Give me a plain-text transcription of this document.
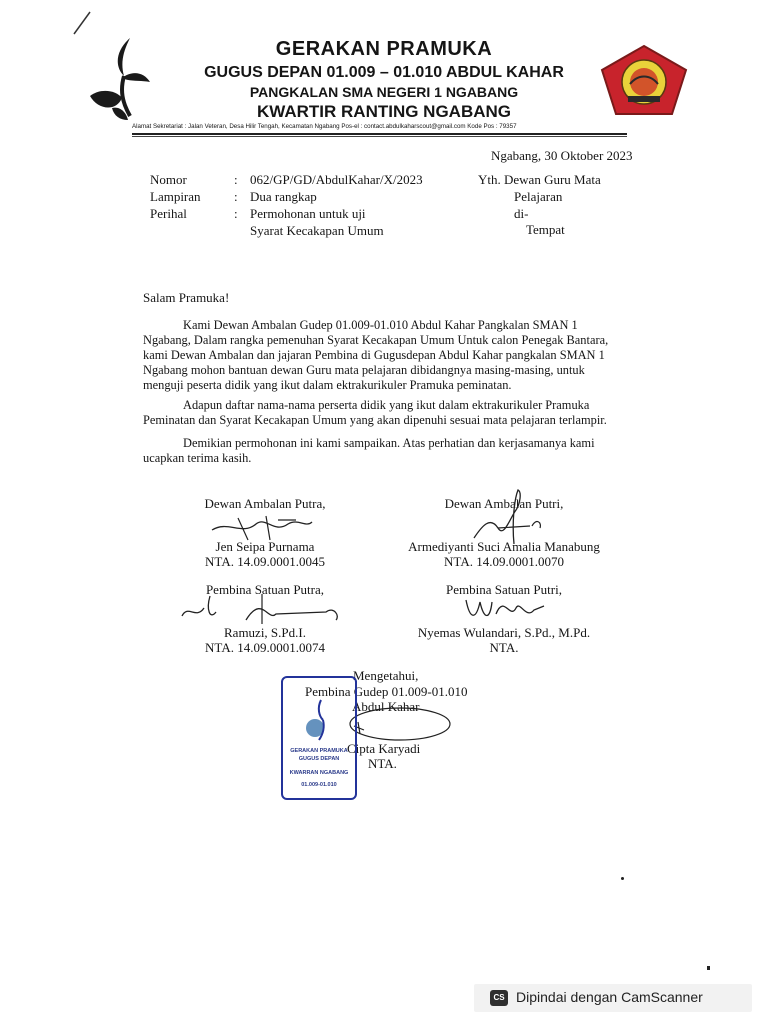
GERAKAN PRAMUKA
GUGUS DEPAN 01.009 – 01.010 ABDUL KAHAR
PANGKALAN SMA NEGERI 1 NGABANG
KWARTIR RANTING NGABANG
Alamat Sekretariat : Jalan Veteran, Desa Hilir Tengah, Kecamatan Ngabang Pos-el : contact.abdulkaharscout@gmail.com Kode Pos : 79357
Ngabang, 30 Oktober 2023
Nomor	: 062/GP/GD/AbdulKahar/X/2023
Lampiran	: Dua rangkap
Perihal	: Permohonan untuk uji
Syarat Kecakapan Umum
Yth. Dewan Guru Mata
Pelajaran
di-
Tempat
Salam Pramuka!
Kami Dewan Ambalan Gudep 01.009-01.010 Abdul Kahar Pangkalan SMAN 1
Ngabang, Dalam rangka pemenuhan Syarat Kecakapan Umum Untuk calon Penegak Bantara,
kami Dewan Ambalan dan jajaran Pembina di Gugusdepan Abdul Kahar pangkalan SMAN 1
Ngabang mohon bantuan dewan Guru mata pelajaran dibidangnya masing-masing, untuk
menguji peserta didik yang ikut dalam ektrakurikuler Pramuka peminatan.
Adapun daftar nama-nama perserta didik yang ikut dalam ektrakurikuler Pramuka
Peminatan dan Syarat Kecakapan Umum yang akan dipenuhi sesuai mata pelajaran terlampir.
Demikian permohonan ini kami sampaikan. Atas perhatian dan kerjasamanya kami
ucapkan terima kasih.
Dewan Ambalan Putra,
Jen Seipa Purnama
NTA. 14.09.0001.0045
Dewan Ambalan Putri,
Armediyanti Suci Amalia Manabung
NTA. 14.09.0001.0070
Pembina Satuan Putra,
Ramuzi, S.Pd.I.
NTA. 14.09.0001.0074
Pembina Satuan Putri,
Nyemas Wulandari, S.Pd., M.Pd.
NTA.
Mengetahui,
Pembina Gudep 01.009-01.010
Abdul Kahar
Cipta Karyadi
NTA.
GERAKAN PRAMUKA
GUGUS DEPAN
KWARRAN NGABANG
01.009-01.010
CS Dipindai dengan CamScanner
